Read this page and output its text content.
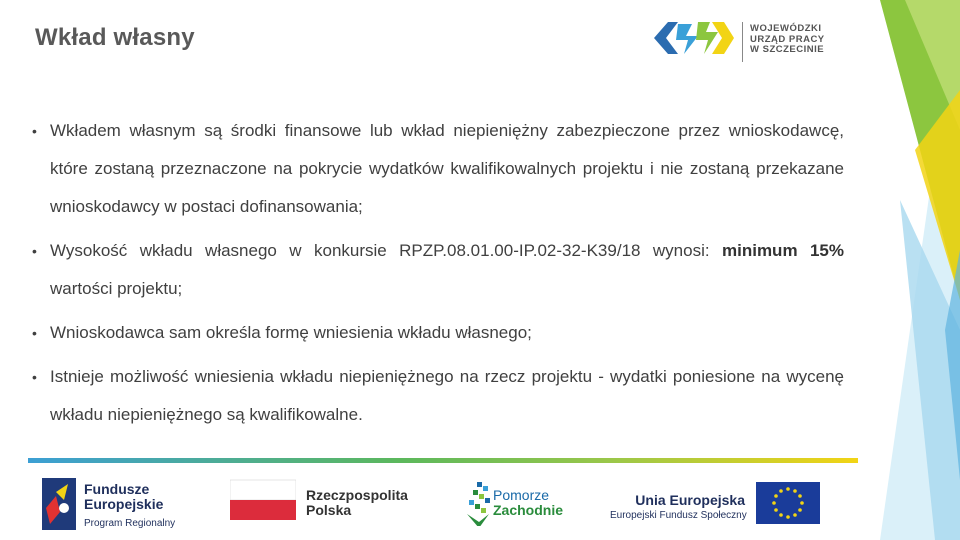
Wkład własny	WOJEWÓDZKI
URZĄD PRACY
W SZCZECINIE
• Wkładem własnym są środki finansowe lub wkład niepieniężny zabezpieczone przez wnioskodawcę, które zostaną przeznaczone na pokrycie wydatków kwalifikowalnych projektu i nie zostaną przekazane wnioskodawcy w postaci dofinansowania;
• Wysokość wkładu własnego w konkursie RPZP.08.01.00-IP.02-32-K39/18 wynosi: minimum 15% wartości projektu;
• Wnioskodawca sam określa formę wniesienia wkładu własnego;
• Istnieje możliwość wniesienia wkładu niepieniężnego na rzecz projektu - wydatki poniesione na wycenę wkładu niepieniężnego są kwalifikowalne.
Fundusze
Europejskie
Program Regionalny
Rzeczpospolita
Polska
Pomorze
Zachodnie
Unia Europejska
Europejski Fundusz Społeczny
